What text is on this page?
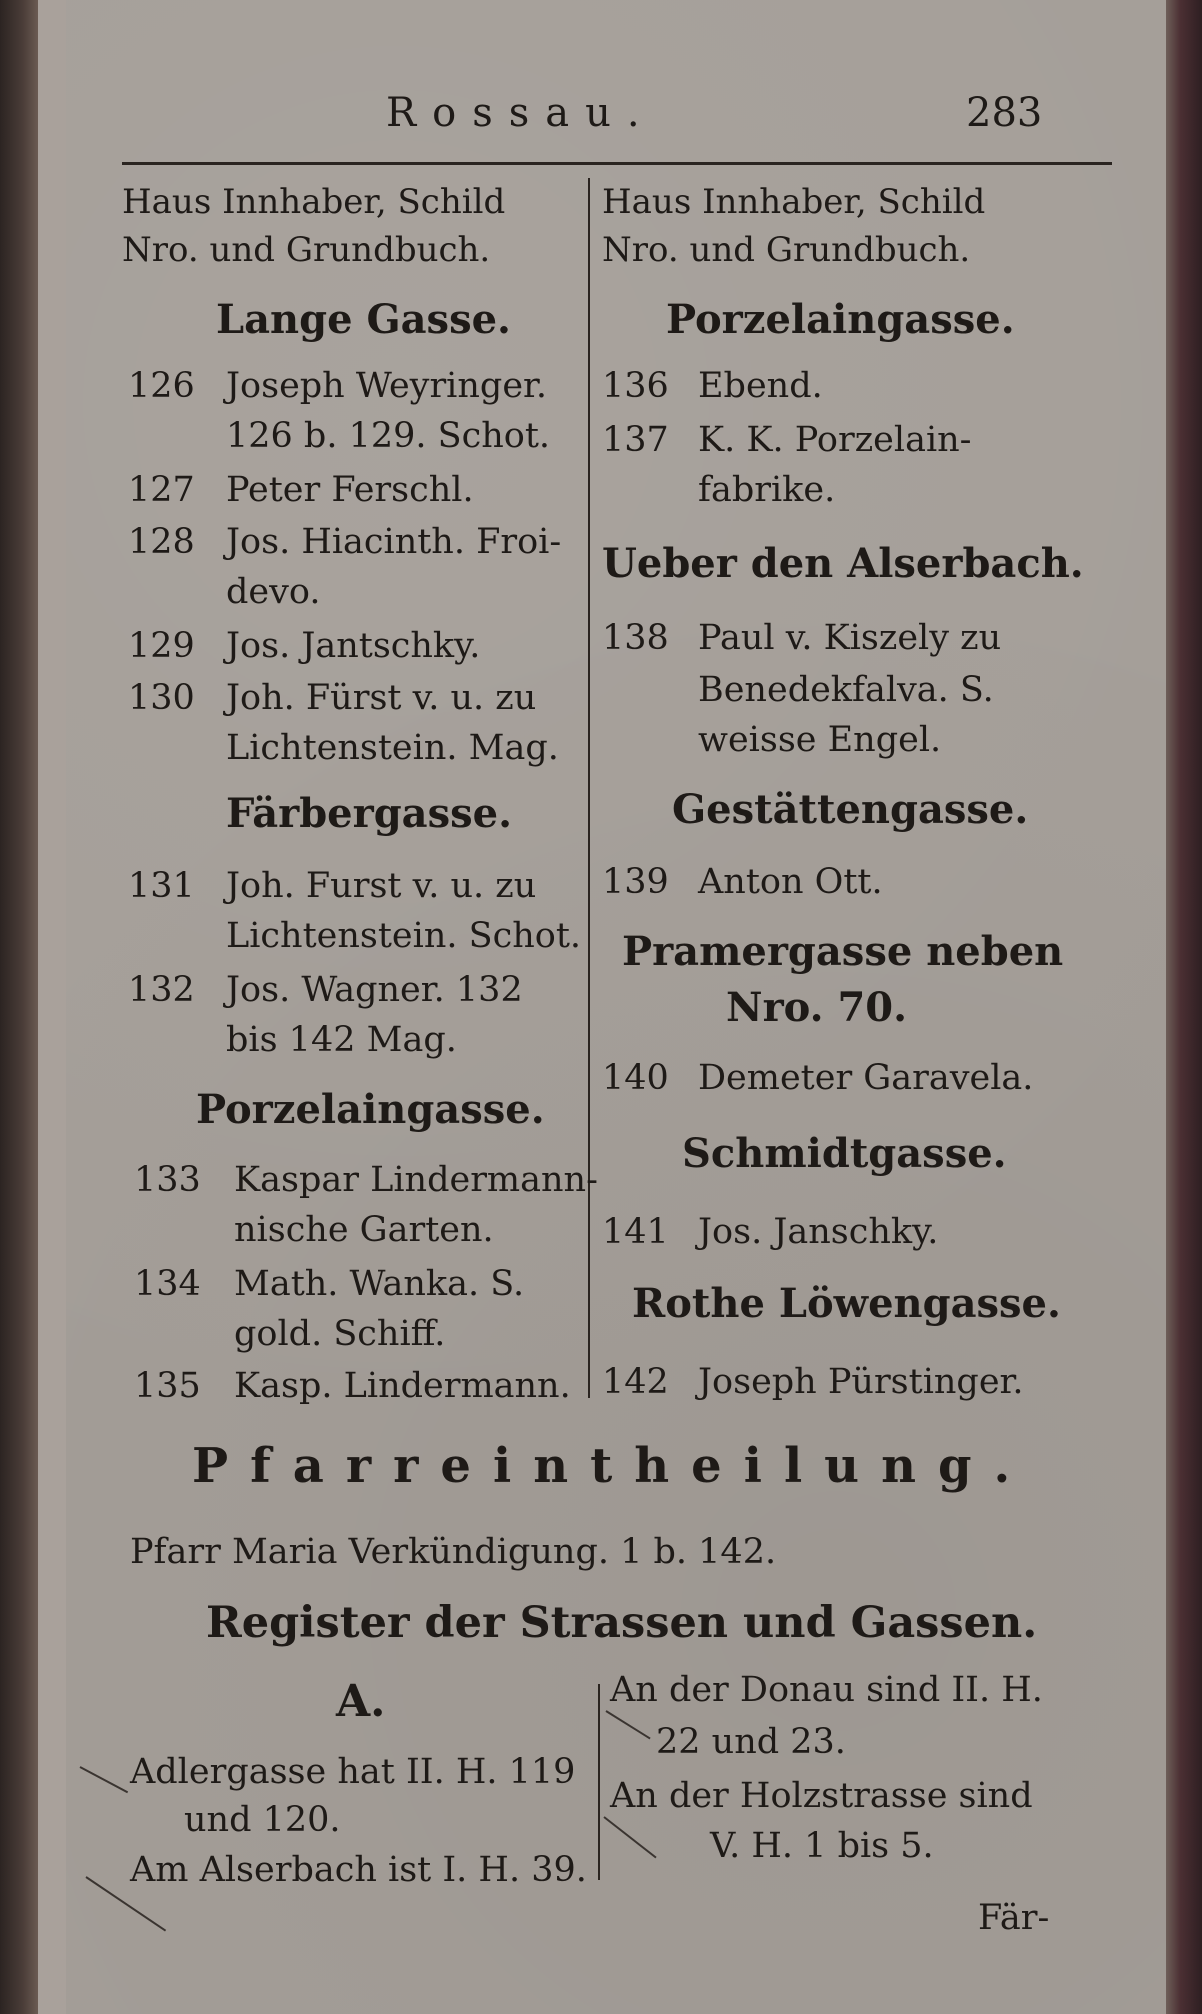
Rossau.	283
Haus Innhaber, Schild
Nro. und Grundbuch.
Haus Innhaber, Schild
Nro. und Grundbuch.
Lange Gasse.
126 Joseph Weyringer.
126 b. 129. Schot.
127 Peter Ferschl.
128 Jos. Hiacinth. Froi-
devo.
129 Jos. Jantschky.
130 Joh. Fürst v. u. zu
Lichtenstein. Mag.
Färbergasse.
131 Joh. Furst v. u. zu
Lichtenstein. Schot.
132 Jos. Wagner. 132
bis 142 Mag.
Porzelaingasse.
133 Kaspar Lindermann-
nische Garten.
134 Math. Wanka. S.
gold. Schiff.
135 Kasp. Lindermann.
Porzelaingasse.
136 Ebend.
137 K. K. Porzelain-
fabrike.
Ueber den Alserbach.
138 Paul v. Kiszely zu
Benedekfalva. S.
weisse Engel.
Gestättengasse.
139 Anton Ott.
Pramergasse neben
Nro. 70.
140 Demeter Garavela.
Schmidtgasse.
141 Jos. Janschky.
Rothe Löwengasse.
142 Joseph Pürstinger.
Pfarreintheilung.
Pfarr Maria Verkündigung. 1 b. 142.
Register der Strassen und Gassen.
A.
Adlergasse hat II. H. 119
und 120.
Am Alserbach ist I. H. 39.
An der Donau sind II. H.
22 und 23.
An der Holzstrasse sind
V. H. 1 bis 5.
Fär-
